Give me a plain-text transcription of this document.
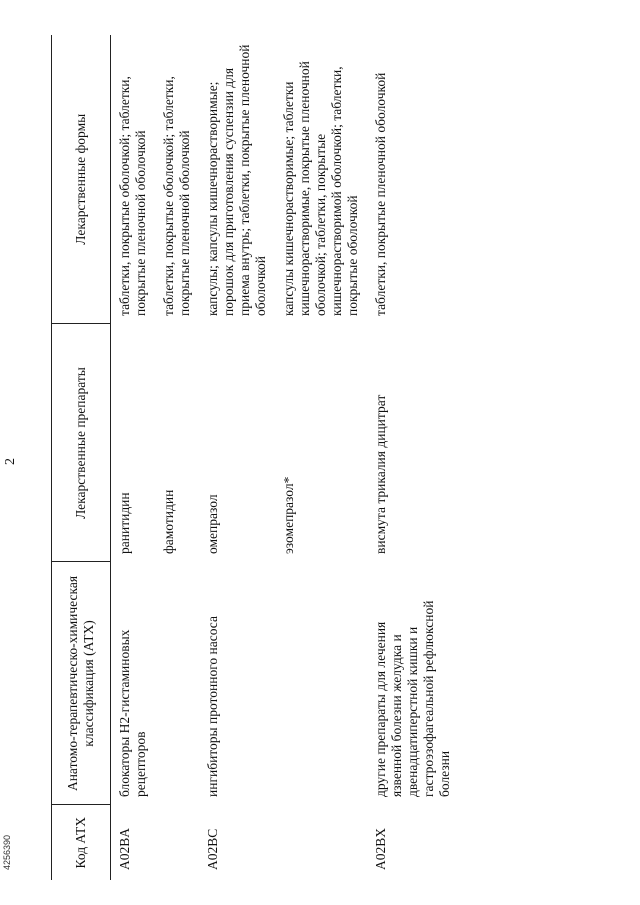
4256390
2
Код АТХ	Анатомо-терапевтическо-химическая классификация (АТХ)	Лекарственные препараты	Лекарственные формы

A02BA	блокаторы H2-гистаминовых рецепторов	ранитидин	таблетки, покрытые оболочкой; таблетки, покрытые пленочной оболочкой

		фамотидин	таблетки, покрытые оболочкой; таблетки, покрытые пленочной оболочкой

A02BC	ингибиторы протонного насоса	омепразол	капсулы; капсулы кишечнорастворимые; порошок для приготовления суспензии для приема внутрь; таблетки, покрытые пленочной оболочкой

		эзомепразол*	капсулы кишечнорастворимые; таблетки кишечнорастворимые, покрытые пленочной оболочкой; таблетки, покрытые кишечнорастворимой оболочкой; таблетки, покрытые оболочкой

A02BX	другие препараты для лечения язвенной болезни желудка и двенадцатиперстной кишки и гастроэзофагеальной рефлюксной болезни	висмута трикалия дицитрат	таблетки, покрытые пленочной оболочкой
